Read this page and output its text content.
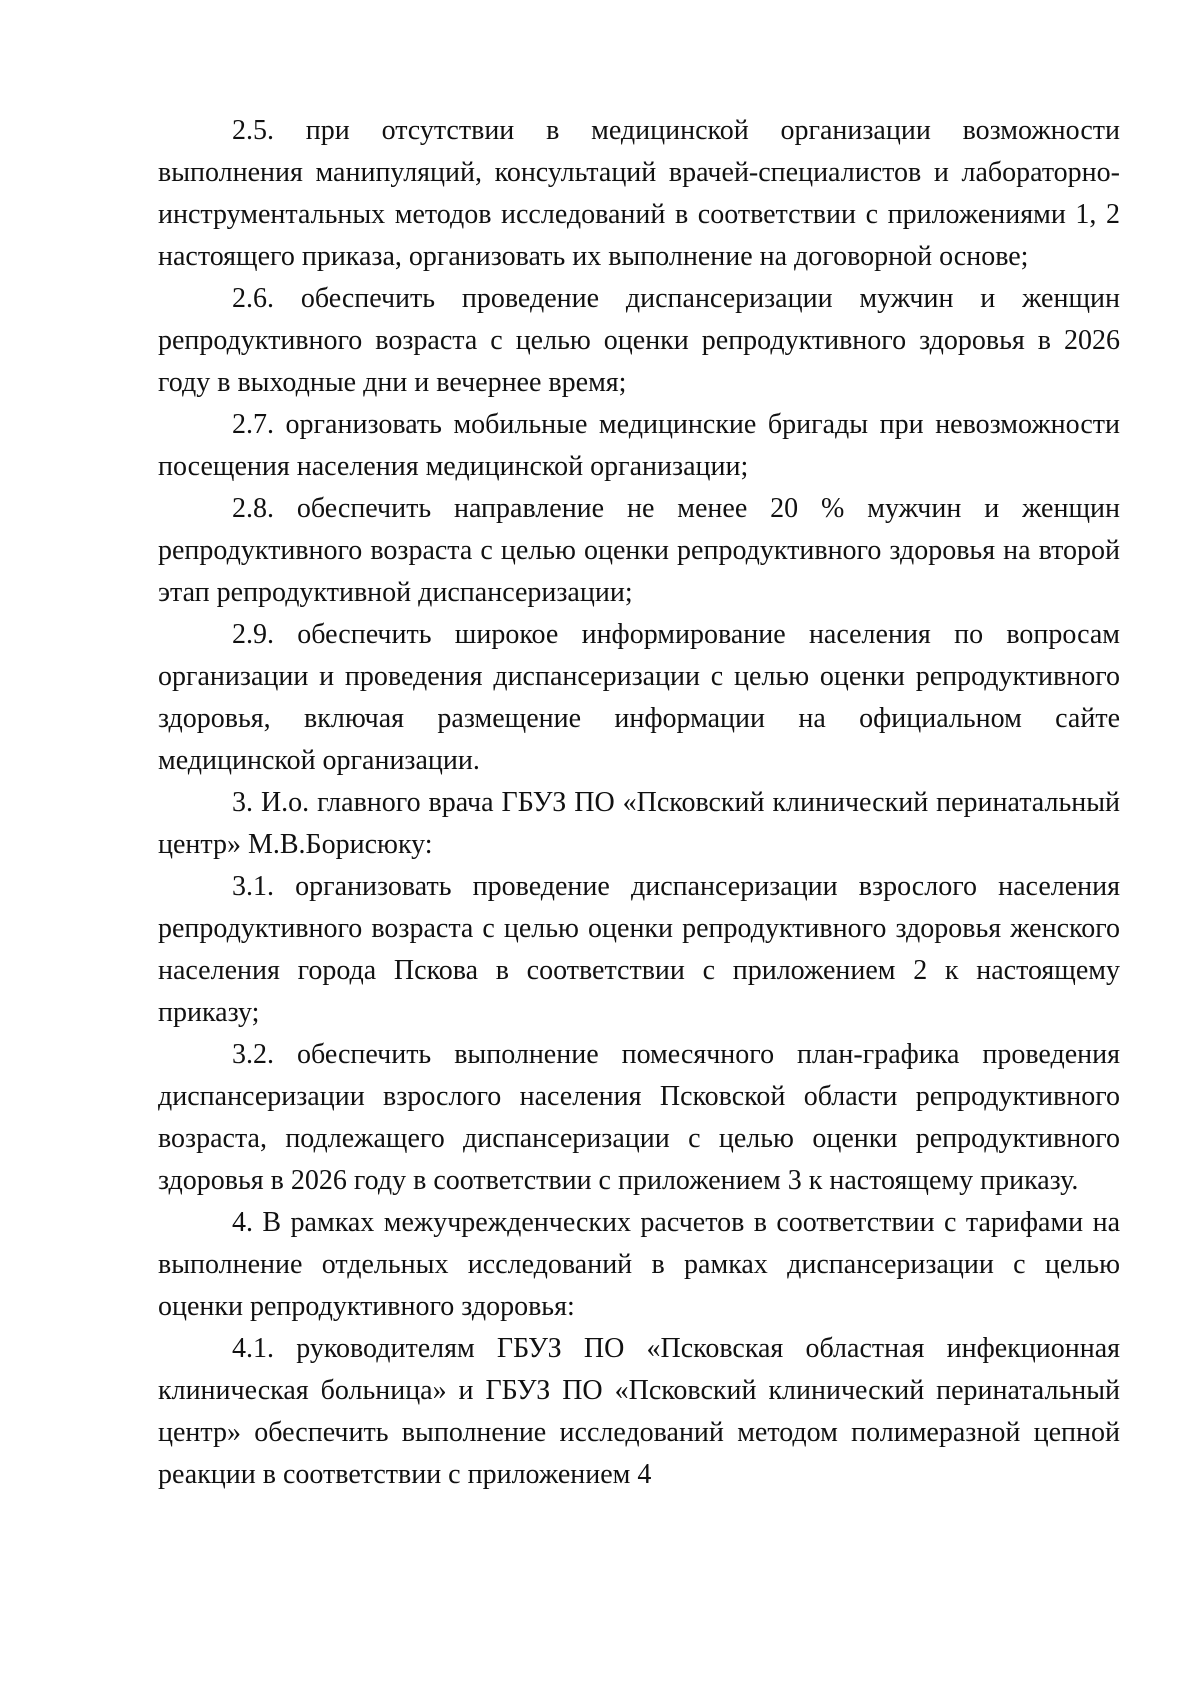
2.5. при отсутствии в медицинской организации возможности выполнения манипуляций, консультаций врачей-специалистов и лабораторно-инструментальных методов исследований в соответствии с приложениями 1, 2 настоящего приказа, организовать их выполнение на договорной основе;

2.6. обеспечить проведение диспансеризации мужчин и женщин репродуктивного возраста с целью оценки репродуктивного здоровья в 2026 году в выходные дни и вечернее время;

2.7. организовать мобильные медицинские бригады при невозможности посещения населения медицинской организации;

2.8. обеспечить направление не менее 20 % мужчин и женщин репродуктивного возраста с целью оценки репродуктивного здоровья на второй этап репродуктивной диспансеризации;

2.9. обеспечить широкое информирование населения по вопросам организации и проведения диспансеризации с целью оценки репродуктивного здоровья, включая размещение информации на официальном сайте медицинской организации.

3. И.о. главного врача ГБУЗ ПО «Псковский клинический перинатальный центр» М.В.Борисюку:

3.1. организовать проведение диспансеризации взрослого населения репродуктивного возраста с целью оценки репродуктивного здоровья женского населения города Пскова в соответствии с приложением 2 к настоящему приказу;

3.2. обеспечить выполнение помесячного план-графика проведения диспансеризации взрослого населения Псковской области репродуктивного возраста, подлежащего диспансеризации с целью оценки репродуктивного здоровья в 2026 году в соответствии с приложением 3 к настоящему приказу.

4. В рамках межучрежденческих расчетов в соответствии с тарифами на выполнение отдельных исследований в рамках диспансеризации с целью оценки репродуктивного здоровья:

4.1. руководителям ГБУЗ ПО «Псковская областная инфекционная клиническая больница» и ГБУЗ ПО «Псковский клинический перинатальный центр» обеспечить выполнение исследований методом полимеразной цепной реакции в соответствии с приложением 4
